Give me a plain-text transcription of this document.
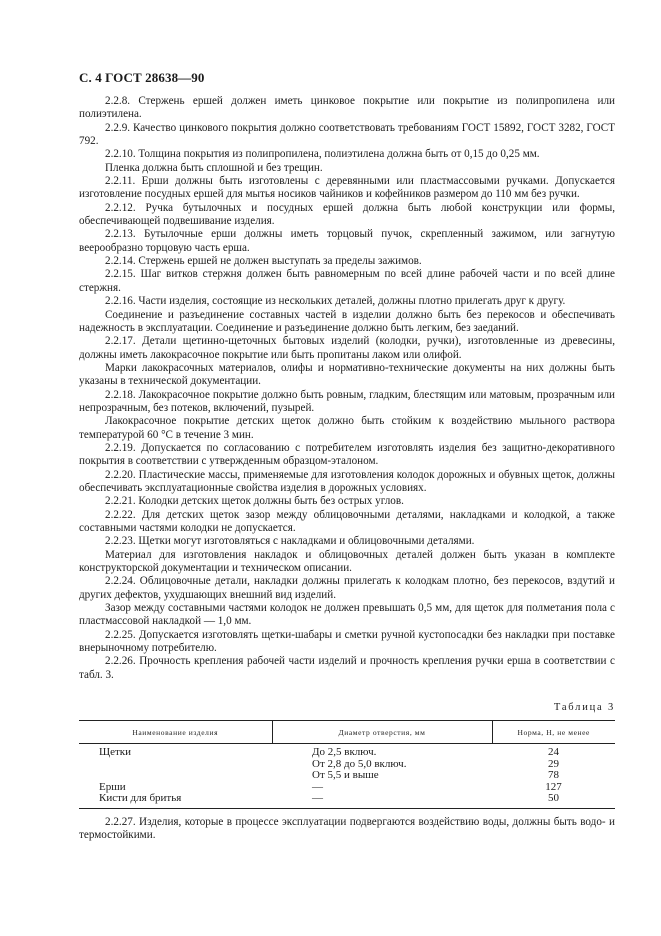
С. 4 ГОСТ 28638—90

2.2.8. Стержень ершей должен иметь цинковое покрытие или покрытие из полипропилена или полиэтилена.

2.2.9. Качество цинкового покрытия должно соответствовать требованиям ГОСТ 15892, ГОСТ 3282, ГОСТ 792.

2.2.10. Толщина покрытия из полипропилена, полиэтилена должна быть от 0,15 до 0,25 мм.

Пленка должна быть сплошной и без трещин.

2.2.11. Ерши должны быть изготовлены с деревянными или пластмассовыми ручками. Допускается изготовление посудных ершей для мытья носиков чайников и кофейников размером до 110 мм без ручки.

2.2.12. Ручка бутылочных и посудных ершей должна быть любой конструкции или формы, обеспечивающей подвешивание изделия.

2.2.13. Бутылочные ерши должны иметь торцовый пучок, скрепленный зажимом, или загнутую веерообразно торцовую часть ерша.

2.2.14. Стержень ершей не должен выступать за пределы зажимов.

2.2.15. Шаг витков стержня должен быть равномерным по всей длине рабочей части и по всей длине стержня.

2.2.16. Части изделия, состоящие из нескольких деталей, должны плотно прилегать друг к другу.

Соединение и разъединение составных частей в изделии должно быть без перекосов и обеспечивать надежность в эксплуатации. Соединение и разъединение должно быть легким, без заеданий.

2.2.17. Детали щетинно-щеточных бытовых изделий (колодки, ручки), изготовленные из древесины, должны иметь лакокрасочное покрытие или быть пропитаны лаком или олифой.

Марки лакокрасочных материалов, олифы и нормативно-технические документы на них должны быть указаны в технической документации.

2.2.18. Лакокрасочное покрытие должно быть ровным, гладким, блестящим или матовым, прозрачным или непрозрачным, без потеков, включений, пузырей.

Лакокрасочное покрытие детских щеток должно быть стойким к воздействию мыльного раствора температурой 60 °С в течение 3 мин.

2.2.19. Допускается по согласованию с потребителем изготовлять изделия без защитно-декоративного покрытия в соответствии с утвержденным образцом-эталоном.

2.2.20. Пластические массы, применяемые для изготовления колодок дорожных и обувных щеток, должны обеспечивать эксплуатационные свойства изделия в дорожных условиях.

2.2.21. Колодки детских щеток должны быть без острых углов.

2.2.22. Для детских щеток зазор между облицовочными деталями, накладками и колодкой, а также составными частями колодки не допускается.

2.2.23. Щетки могут изготовляться с накладками и облицовочными деталями.

Материал для изготовления накладок и облицовочных деталей должен быть указан в комплекте конструкторской документации и техническом описании.

2.2.24. Облицовочные детали, накладки должны прилегать к колодкам плотно, без перекосов, вздутий и других дефектов, ухудшающих внешний вид изделий.

Зазор между составными частями колодок не должен превышать 0,5 мм, для щеток для полметания пола с пластмассовой накладкой — 1,0 мм.

2.2.25. Допускается изготовлять щетки-шабары и сметки ручной кустопосадки без накладки при поставке внерыночному потребителю.

2.2.26. Прочность крепления рабочей части изделий и прочность крепления ручки ерша в соответствии с табл. 3.

Таблица 3
Наименование изделия	Диаметр отверстия, мм	Норма, Н, не менее
Щетки	До 2,5 включ.	24
	От 2,8 до 5,0 включ.	29
	От 5,5 и выше	78
Ерши	—	127
Кисти для бритья	—	50

2.2.27. Изделия, которые в процессе эксплуатации подвергаются воздействию воды, должны быть водо- и термостойкими.
